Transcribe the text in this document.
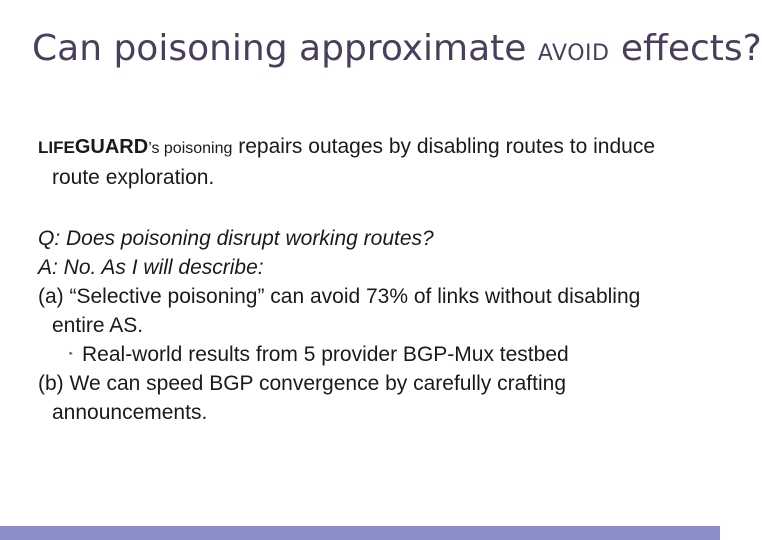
Can poisoning approximate AVOID effects?

LIFEGUARD’s poisoning repairs outages by disabling routes to induce route exploration.

Q: Does poisoning disrupt working routes?

A: No. As I will describe:

(a) “Selective poisoning” can avoid 73% of links without disabling entire AS.

‣ Real-world results from 5 provider BGP-Mux testbed

(b) We can speed BGP convergence by carefully crafting announcements.
